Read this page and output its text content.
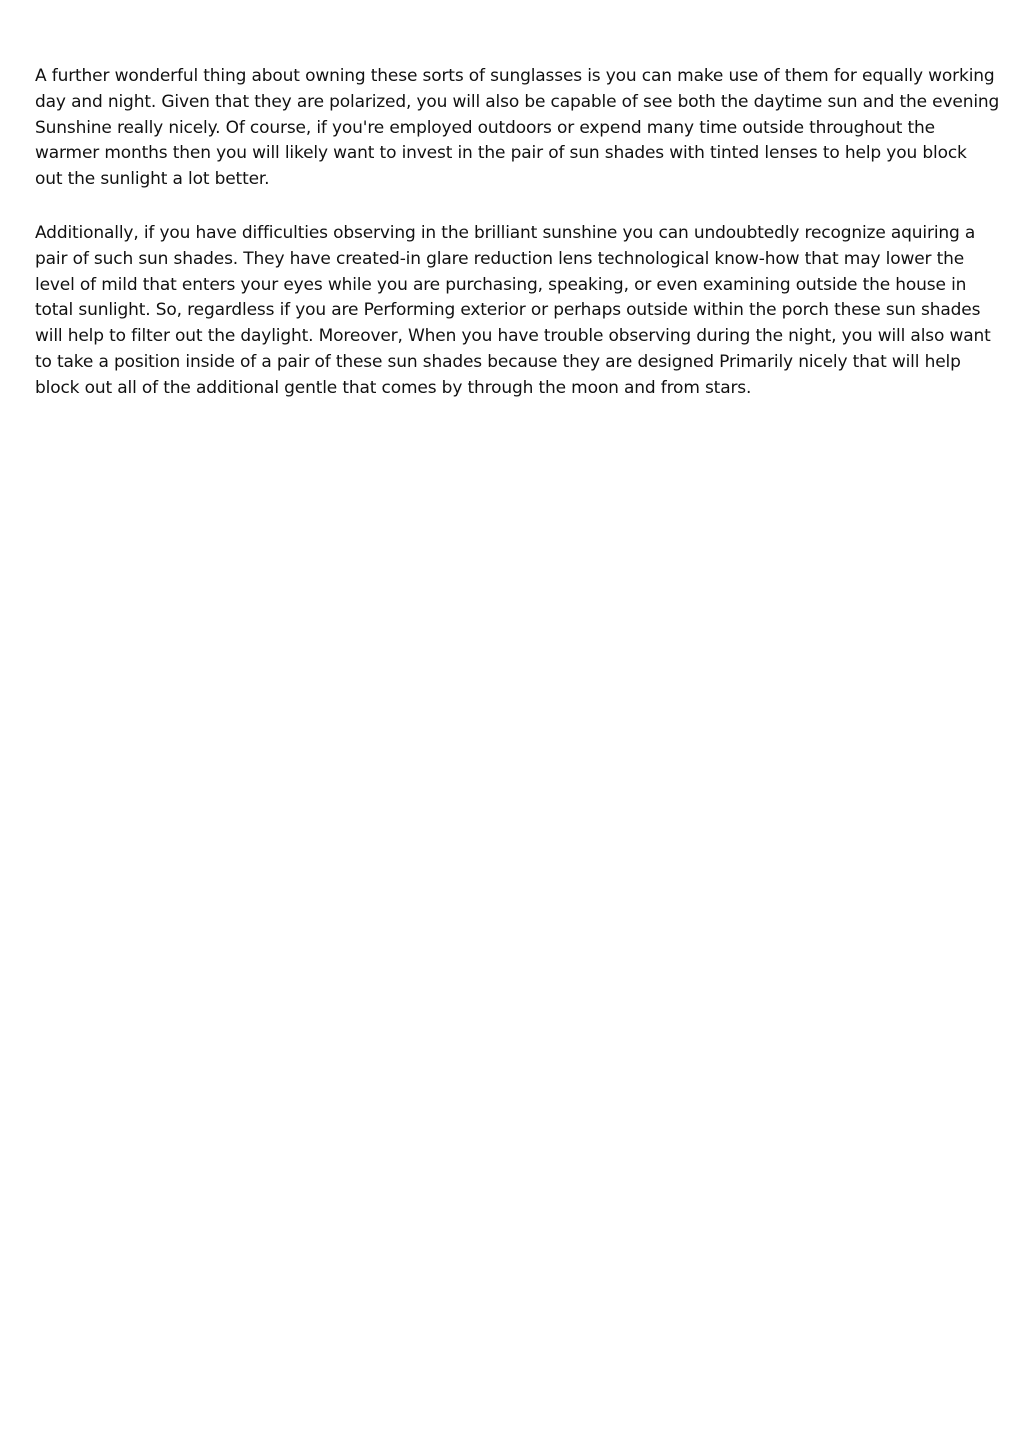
A further wonderful thing about owning these sorts of sunglasses is you can make use of them for equally working
day and night. Given that they are polarized, you will also be capable of see both the daytime sun and the evening
Sunshine really nicely. Of course, if you're employed outdoors or expend many time outside throughout the
warmer months then you will likely want to invest in the pair of sun shades with tinted lenses to help you block
out the sunlight a lot better.

Additionally, if you have difficulties observing in the brilliant sunshine you can undoubtedly recognize aquiring a
pair of such sun shades. They have created-in glare reduction lens technological know-how that may lower the
level of mild that enters your eyes while you are purchasing, speaking, or even examining outside the house in
total sunlight. So, regardless if you are Performing exterior or perhaps outside within the porch these sun shades
will help to filter out the daylight. Moreover, When you have trouble observing during the night, you will also want
to take a position inside of a pair of these sun shades because they are designed Primarily nicely that will help
block out all of the additional gentle that comes by through the moon and from stars.
